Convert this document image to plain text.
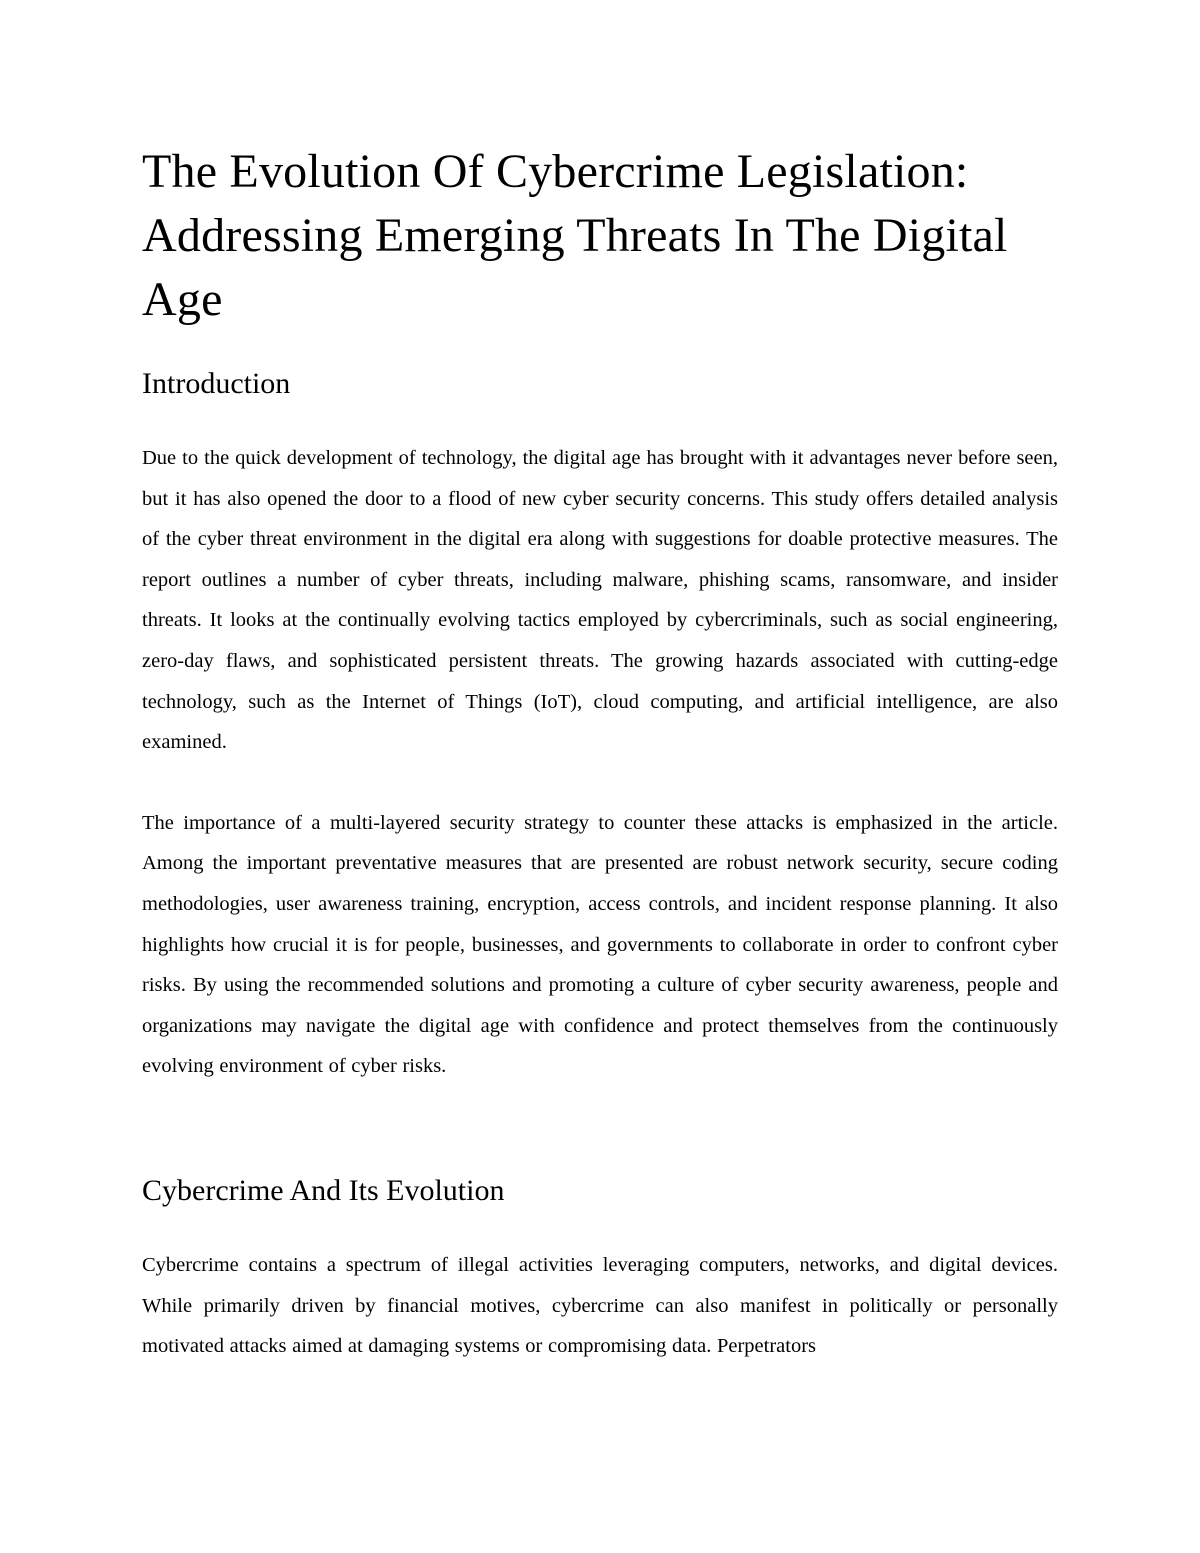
The Evolution Of Cybercrime Legislation: Addressing Emerging Threats In The Digital Age
Introduction

Due to the quick development of technology, the digital age has brought with it advantages never before seen, but it has also opened the door to a flood of new cyber security concerns. This study offers detailed analysis of the cyber threat environment in the digital era along with suggestions for doable protective measures. The report outlines a number of cyber threats, including malware, phishing scams, ransomware, and insider threats. It looks at the continually evolving tactics employed by cybercriminals, such as social engineering, zero-day flaws, and sophisticated persistent threats. The growing hazards associated with cutting-edge technology, such as the Internet of Things (IoT), cloud computing, and artificial intelligence, are also examined.

The importance of a multi-layered security strategy to counter these attacks is emphasized in the article. Among the important preventative measures that are presented are robust network security, secure coding methodologies, user awareness training, encryption, access controls, and incident response planning. It also highlights how crucial it is for people, businesses, and governments to collaborate in order to confront cyber risks. By using the recommended solutions and promoting a culture of cyber security awareness, people and organizations may navigate the digital age with confidence and protect themselves from the continuously evolving environment of cyber risks.

Cybercrime And Its Evolution

Cybercrime contains a spectrum of illegal activities leveraging computers, networks, and digital devices. While primarily driven by financial motives, cybercrime can also manifest in politically or personally motivated attacks aimed at damaging systems or compromising data. Perpetrators
